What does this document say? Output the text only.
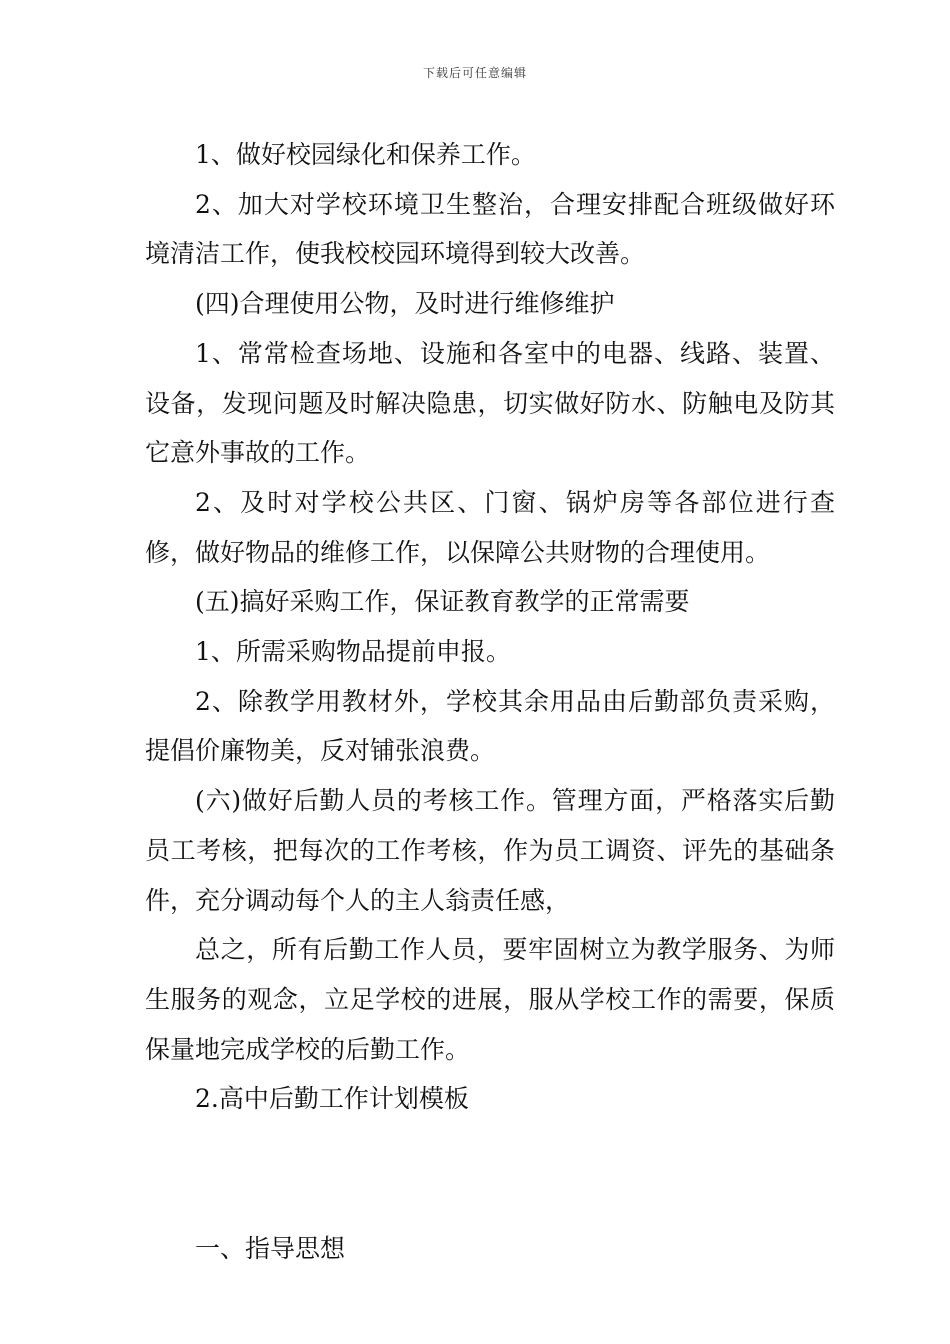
下载后可任意编辑

1、做好校园绿化和保养工作。

2、加大对学校环境卫生整治，合理安排配合班级做好环境清洁工作，使我校校园环境得到较大改善。

(四)合理使用公物，及时进行维修维护

1、常常检查场地、设施和各室中的电器、线路、装置、设备，发现问题及时解决隐患，切实做好防水、防触电及防其它意外事故的工作。

2、及时对学校公共区、门窗、锅炉房等各部位进行查修，做好物品的维修工作，以保障公共财物的合理使用。

(五)搞好采购工作，保证教育教学的正常需要

1、所需采购物品提前申报。

2、除教学用教材外，学校其余用品由后勤部负责采购，提倡价廉物美，反对铺张浪费。

(六)做好后勤人员的考核工作。管理方面，严格落实后勤员工考核，把每次的工作考核，作为员工调资、评先的基础条件，充分调动每个人的主人翁责任感，

总之，所有后勤工作人员，要牢固树立为教学服务、为师生服务的观念，立足学校的进展，服从学校工作的需要，保质保量地完成学校的后勤工作。

2.高中后勤工作计划模板

一、指导思想
